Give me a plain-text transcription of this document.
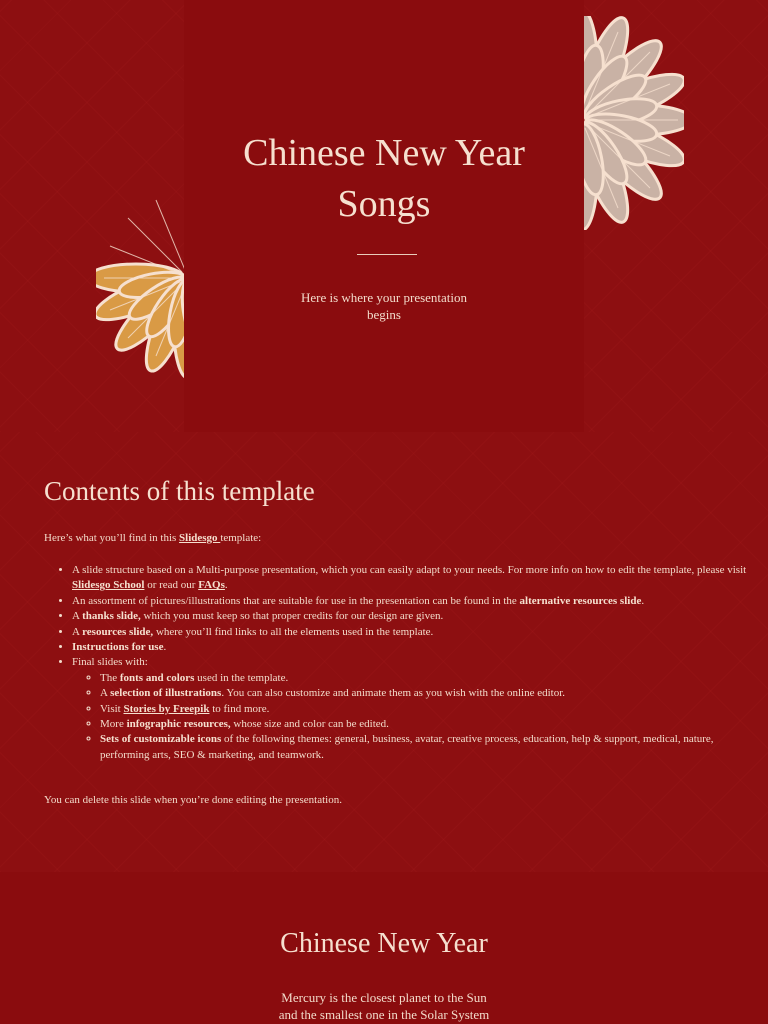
Chinese New Year
Songs
Here is where your presentation
begins
Contents of this template
Here’s what you’ll find in this Slidesgo template:
• A slide structure based on a Multi-purpose presentation, which you can easily adapt to your needs. For more info on how to edit the template, please visit Slidesgo School or read our FAQs.
• An assortment of pictures/illustrations that are suitable for use in the presentation can be found in the alternative resources slide.
• A thanks slide, which you must keep so that proper credits for our design are given.
• A resources slide, where you’ll find links to all the elements used in the template.
• Instructions for use.
• Final slides with:
◦ The fonts and colors used in the template.
◦ A selection of illustrations. You can also customize and animate them as you wish with the online editor.
◦ Visit Stories by Freepik to find more.
◦ More infographic resources, whose size and color can be edited.
◦ Sets of customizable icons of the following themes: general, business, avatar, creative process, education, help & support, medical, nature, performing arts, SEO & marketing, and teamwork.
You can delete this slide when you’re done editing the presentation.
Chinese New Year
Mercury is the closest planet to the Sun
and the smallest one in the Solar System
